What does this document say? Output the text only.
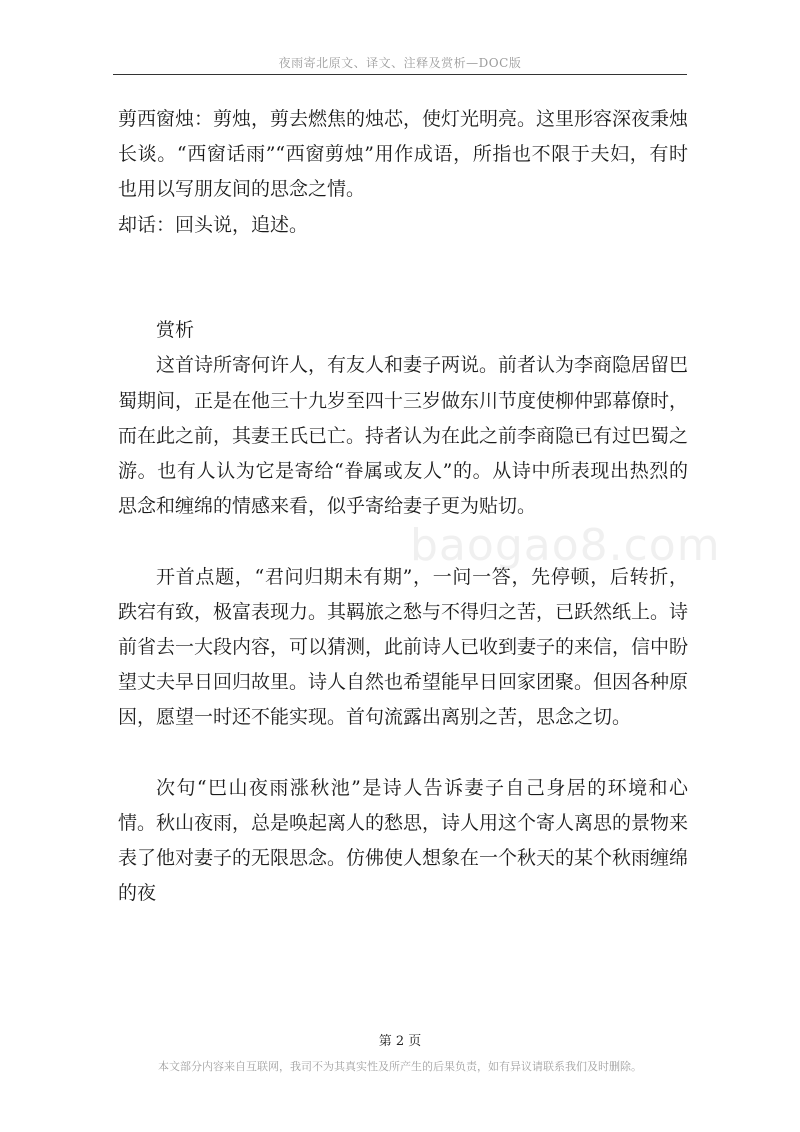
夜雨寄北原文、译文、注释及赏析—DOC版
baogao8.com

剪西窗烛：剪烛，剪去燃焦的烛芯，使灯光明亮。这里形容深夜秉烛长谈。“西窗话雨”“西窗剪烛”用作成语，所指也不限于夫妇，有时也用以写朋友间的思念之情。

却话：回头说，追述。

赏析

这首诗所寄何许人，有友人和妻子两说。前者认为李商隐居留巴蜀期间，正是在他三十九岁至四十三岁做东川节度使柳仲郢幕僚时，而在此之前，其妻王氏已亡。持者认为在此之前李商隐已有过巴蜀之游。也有人认为它是寄给“眷属或友人”的。从诗中所表现出热烈的思念和缠绵的情感来看，似乎寄给妻子更为贴切。

开首点题，“君问归期未有期”，一问一答，先停顿，后转折，跌宕有致，极富表现力。其羁旅之愁与不得归之苦，已跃然纸上。诗前省去一大段内容，可以猜测，此前诗人已收到妻子的来信，信中盼望丈夫早日回归故里。诗人自然也希望能早日回家团聚。但因各种原因，愿望一时还不能实现。首句流露出离别之苦，思念之切。

次句“巴山夜雨涨秋池”是诗人告诉妻子自己身居的环境和心情。秋山夜雨，总是唤起离人的愁思，诗人用这个寄人离思的景物来表了他对妻子的无限思念。仿佛使人想象在一个秋天的某个秋雨缠绵的夜

第 2 页
本文部分内容来自互联网，我司不为其真实性及所产生的后果负责，如有异议请联系我们及时删除。
